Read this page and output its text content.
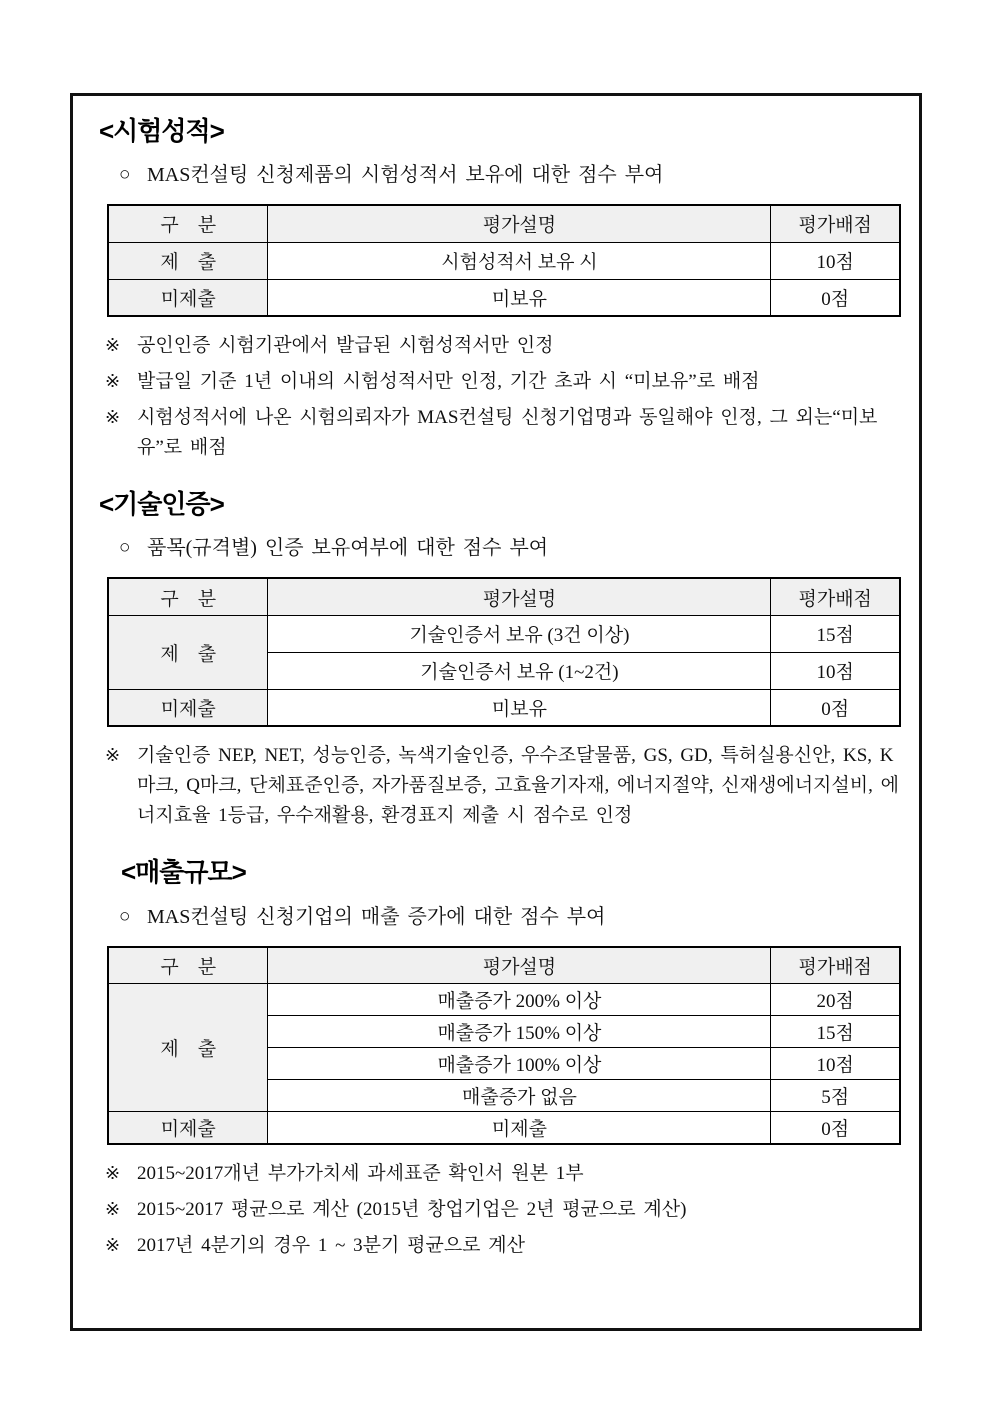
<시험성적>
○ MAS컨설팅 신청제품의 시험성적서 보유에 대한 점수 부여
구　분	평가설명	평가배점
제　출	시험성적서 보유 시	10점
미제출	미보유	0점
※ 공인인증 시험기관에서 발급된 시험성적서만 인정
※ 발급일 기준 1년 이내의 시험성적서만 인정, 기간 초과 시 “미보유”로 배점
※ 시험성적서에 나온 시험의뢰자가 MAS컨설팅 신청기업명과 동일해야 인정, 그 외는“미보유”로 배점
<기술인증>
○ 품목(규격별) 인증 보유여부에 대한 점수 부여
구　분	평가설명	평가배점
제　출	기술인증서 보유 (3건 이상)	15점
	기술인증서 보유 (1~2건)	10점
미제출	미보유	0점
※ 기술인증 NEP, NET, 성능인증, 녹색기술인증, 우수조달물품, GS, GD, 특허실용신안, KS, K마크, Q마크, 단체표준인증, 자가품질보증, 고효율기자재, 에너지절약, 신재생에너지설비, 에너지효율 1등급, 우수재활용, 환경표지 제출 시 점수로 인정
<매출규모>
○ MAS컨설팅 신청기업의 매출 증가에 대한 점수 부여
구　분	평가설명	평가배점
제　출	매출증가 200% 이상	20점
	매출증가 150% 이상	15점
	매출증가 100% 이상	10점
	매출증가 없음	5점
미제출	미제출	0점
※ 2015~2017개년 부가가치세 과세표준 확인서 원본 1부
※ 2015~2017 평균으로 계산 (2015년 창업기업은 2년 평균으로 계산)
※ 2017년 4분기의 경우 1 ~ 3분기 평균으로 계산
